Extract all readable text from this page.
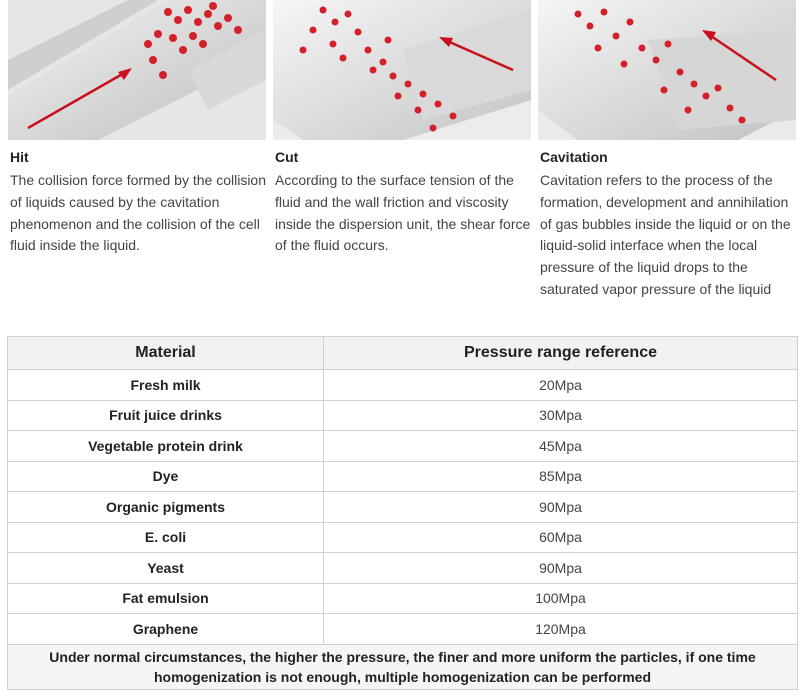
Hit
The collision force formed by the collision of liquids caused by the cavitation phenomenon and the collision of the cell fluid inside the liquid.
Cut
According to the surface tension of the fluid and the wall friction and viscosity inside the dispersion unit, the shear force of the fluid occurs.
Cavitation
Cavitation refers to the process of the formation, development and annihilation of gas bubbles inside the liquid or on the liquid-solid interface when the local pressure of the liquid drops to the saturated vapor pressure of the liquid
Material	Pressure range reference
Fresh milk	20Mpa
Fruit juice drinks	30Mpa
Vegetable protein drink	45Mpa
Dye	85Mpa
Organic pigments	90Mpa
E. coli	60Mpa
Yeast	90Mpa
Fat emulsion	100Mpa
Graphene	120Mpa
Under normal circumstances, the higher the pressure, the finer and more uniform the particles, if one time homogenization is not enough, multiple homogenization can be performed	
